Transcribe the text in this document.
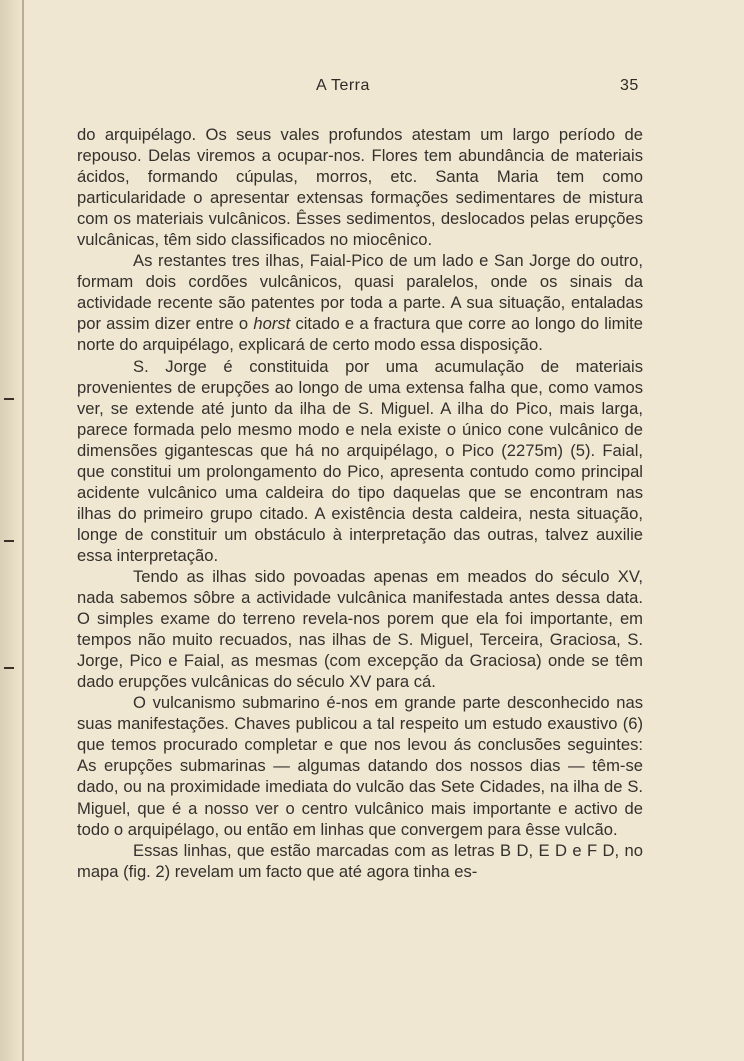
A Terra	35

do arquipélago. Os seus vales profundos atestam um largo período de repouso. Delas viremos a ocupar-nos. Flores tem abundância de materiais ácidos, formando cúpulas, morros, etc. Santa Maria tem como particularidade o apresentar extensas formações sedimentares de mistura com os materiais vulcânicos. Êsses sedimentos, deslocados pelas erupções vulcânicas, têm sido classificados no miocênico.

As restantes tres ilhas, Faial-Pico de um lado e San Jorge do outro, formam dois cordões vulcânicos, quasi paralelos, onde os sinais da actividade recente são patentes por toda a parte. A sua situação, entaladas por assim dizer entre o horst citado e a fractura que corre ao longo do limite norte do arquipélago, explicará de certo modo essa disposição.

S. Jorge é constituida por uma acumulação de materiais provenientes de erupções ao longo de uma extensa falha que, como vamos ver, se extende até junto da ilha de S. Miguel. A ilha do Pico, mais larga, parece formada pelo mesmo modo e nela existe o único cone vulcânico de dimensões gigantescas que há no arquipélago, o Pico (2275m) (5). Faial, que constitui um prolongamento do Pico, apresenta contudo como principal acidente vulcânico uma caldeira do tipo daquelas que se encontram nas ilhas do primeiro grupo citado. A existência desta caldeira, nesta situação, longe de constituir um obstáculo à interpretação das outras, talvez auxilie essa interpretação.

Tendo as ilhas sido povoadas apenas em meados do século XV, nada sabemos sôbre a actividade vulcânica manifestada antes dessa data. O simples exame do terreno revela-nos porem que ela foi importante, em tempos não muito recuados, nas ilhas de S. Miguel, Terceira, Graciosa, S. Jorge, Pico e Faial, as mesmas (com excepção da Graciosa) onde se têm dado erupções vulcânicas do século XV para cá.

O vulcanismo submarino é-nos em grande parte desconhecido nas suas manifestações. Chaves publicou a tal respeito um estudo exaustivo (6) que temos procurado completar e que nos levou ás conclusões seguintes: As erupções submarinas — algumas datando dos nossos dias — têm-se dado, ou na proximidade imediata do vulcão das Sete Cidades, na ilha de S. Miguel, que é a nosso ver o centro vulcânico mais importante e activo de todo o arquipélago, ou então em linhas que convergem para êsse vulcão.

Essas linhas, que estão marcadas com as letras B D, E D e F D, no mapa (fig. 2) revelam um facto que até agora tinha es-
